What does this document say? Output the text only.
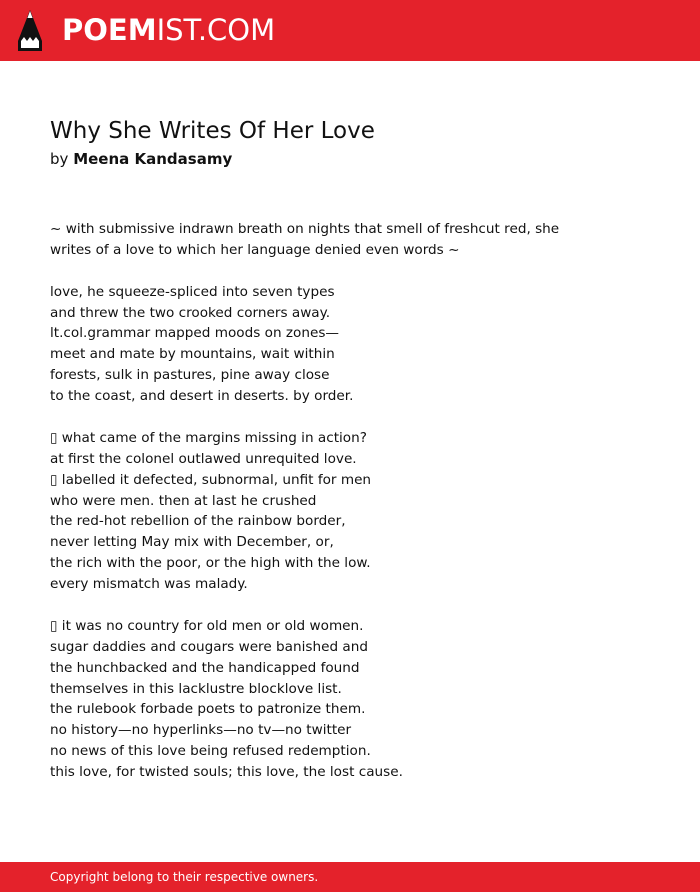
POEMIST.COM
Why She Writes Of Her Love
by Meena Kandasamy
~ with submissive indrawn breath on nights that smell of freshcut red, she
writes of a love to which her language denied even words ~
love, he squeeze-spliced into seven types
and threw the two crooked corners away.
lt.col.grammar mapped moods on zones—
meet and mate by mountains, wait within
forests, sulk in pastures, pine away close
to the coast, and desert in deserts. by order.
▯ what came of the margins missing in action?
at first the colonel outlawed unrequited love.
▯ labelled it defected, subnormal, unfit for men
who were men. then at last he crushed
the red-hot rebellion of the rainbow border,
never letting May mix with December, or,
the rich with the poor, or the high with the low.
every mismatch was malady.
▯ it was no country for old men or old women.
sugar daddies and cougars were banished and
the hunchbacked and the handicapped found
themselves in this lacklustre blocklove list.
the rulebook forbade poets to patronize them.
no history—no hyperlinks—no tv—no twitter
no news of this love being refused redemption.
this love, for twisted souls; this love, the lost cause.
Copyright belong to their respective owners.
